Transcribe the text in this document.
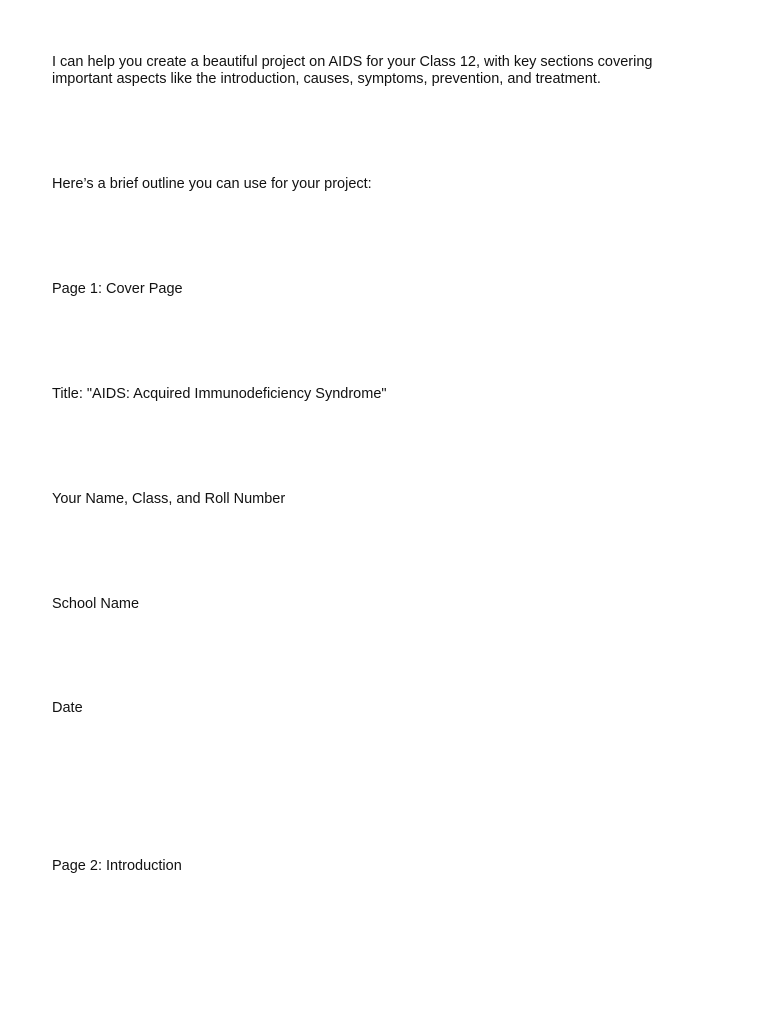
I can help you create a beautiful project on AIDS for your Class 12, with key sections covering important aspects like the introduction, causes, symptoms, prevention, and treatment.

Here’s a brief outline you can use for your project:

Page 1: Cover Page

Title: "AIDS: Acquired Immunodeficiency Syndrome"

Your Name, Class, and Roll Number

School Name

Date

Page 2: Introduction
